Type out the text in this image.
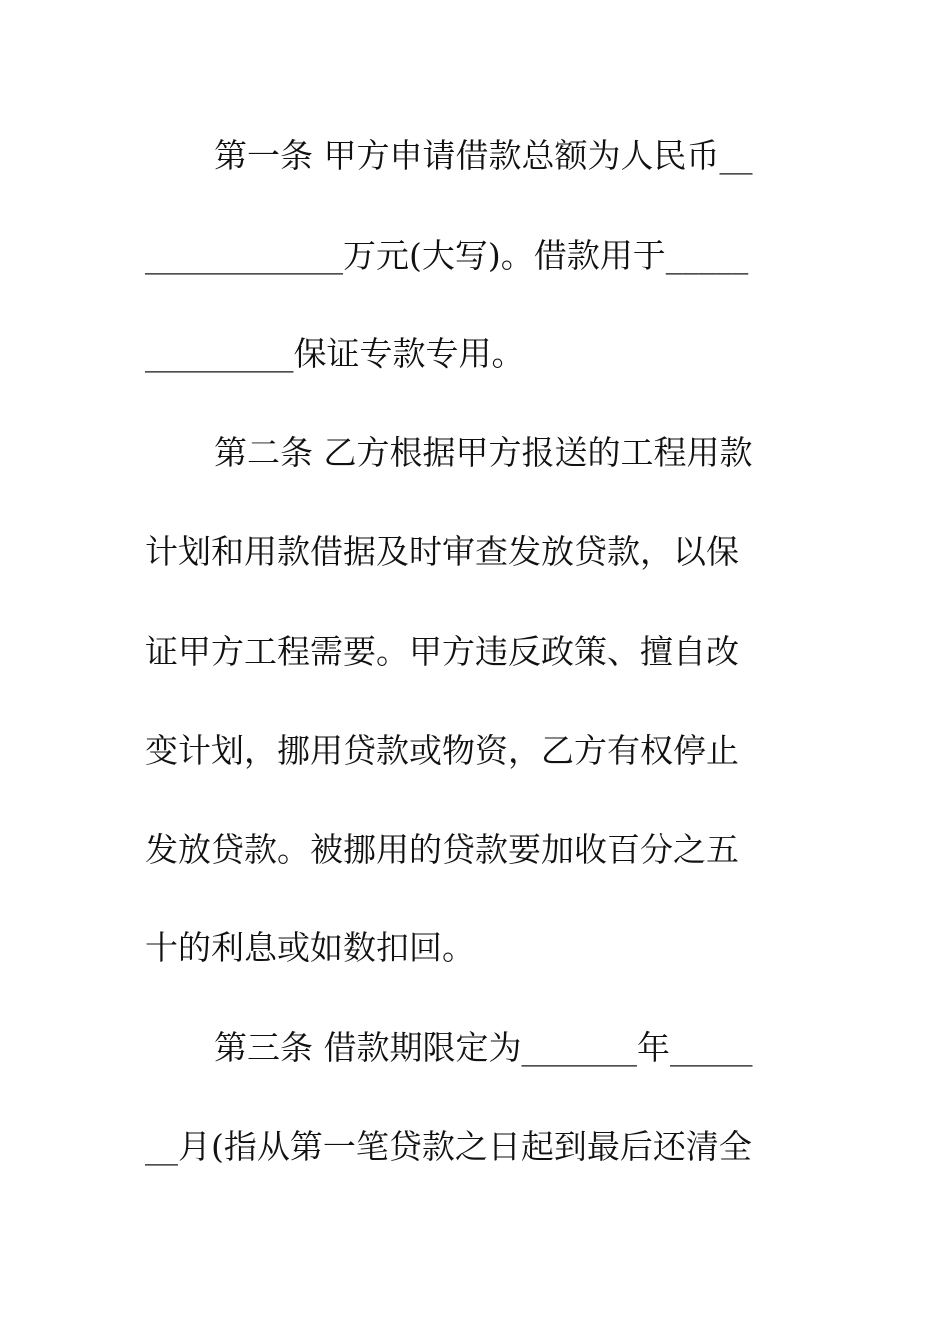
第一条 甲方申请借款总额为人民币__
____________万元(大写)。借款用于_____
_________保证专款专用。
第二条 乙方根据甲方报送的工程用款
计划和用款借据及时审查发放贷款，以保
证甲方工程需要。甲方违反政策、擅自改
变计划，挪用贷款或物资，乙方有权停止
发放贷款。被挪用的贷款要加收百分之五
十的利息或如数扣回。
第三条 借款期限定为_______年_____
__月(指从第一笔贷款之日起到最后还清全
